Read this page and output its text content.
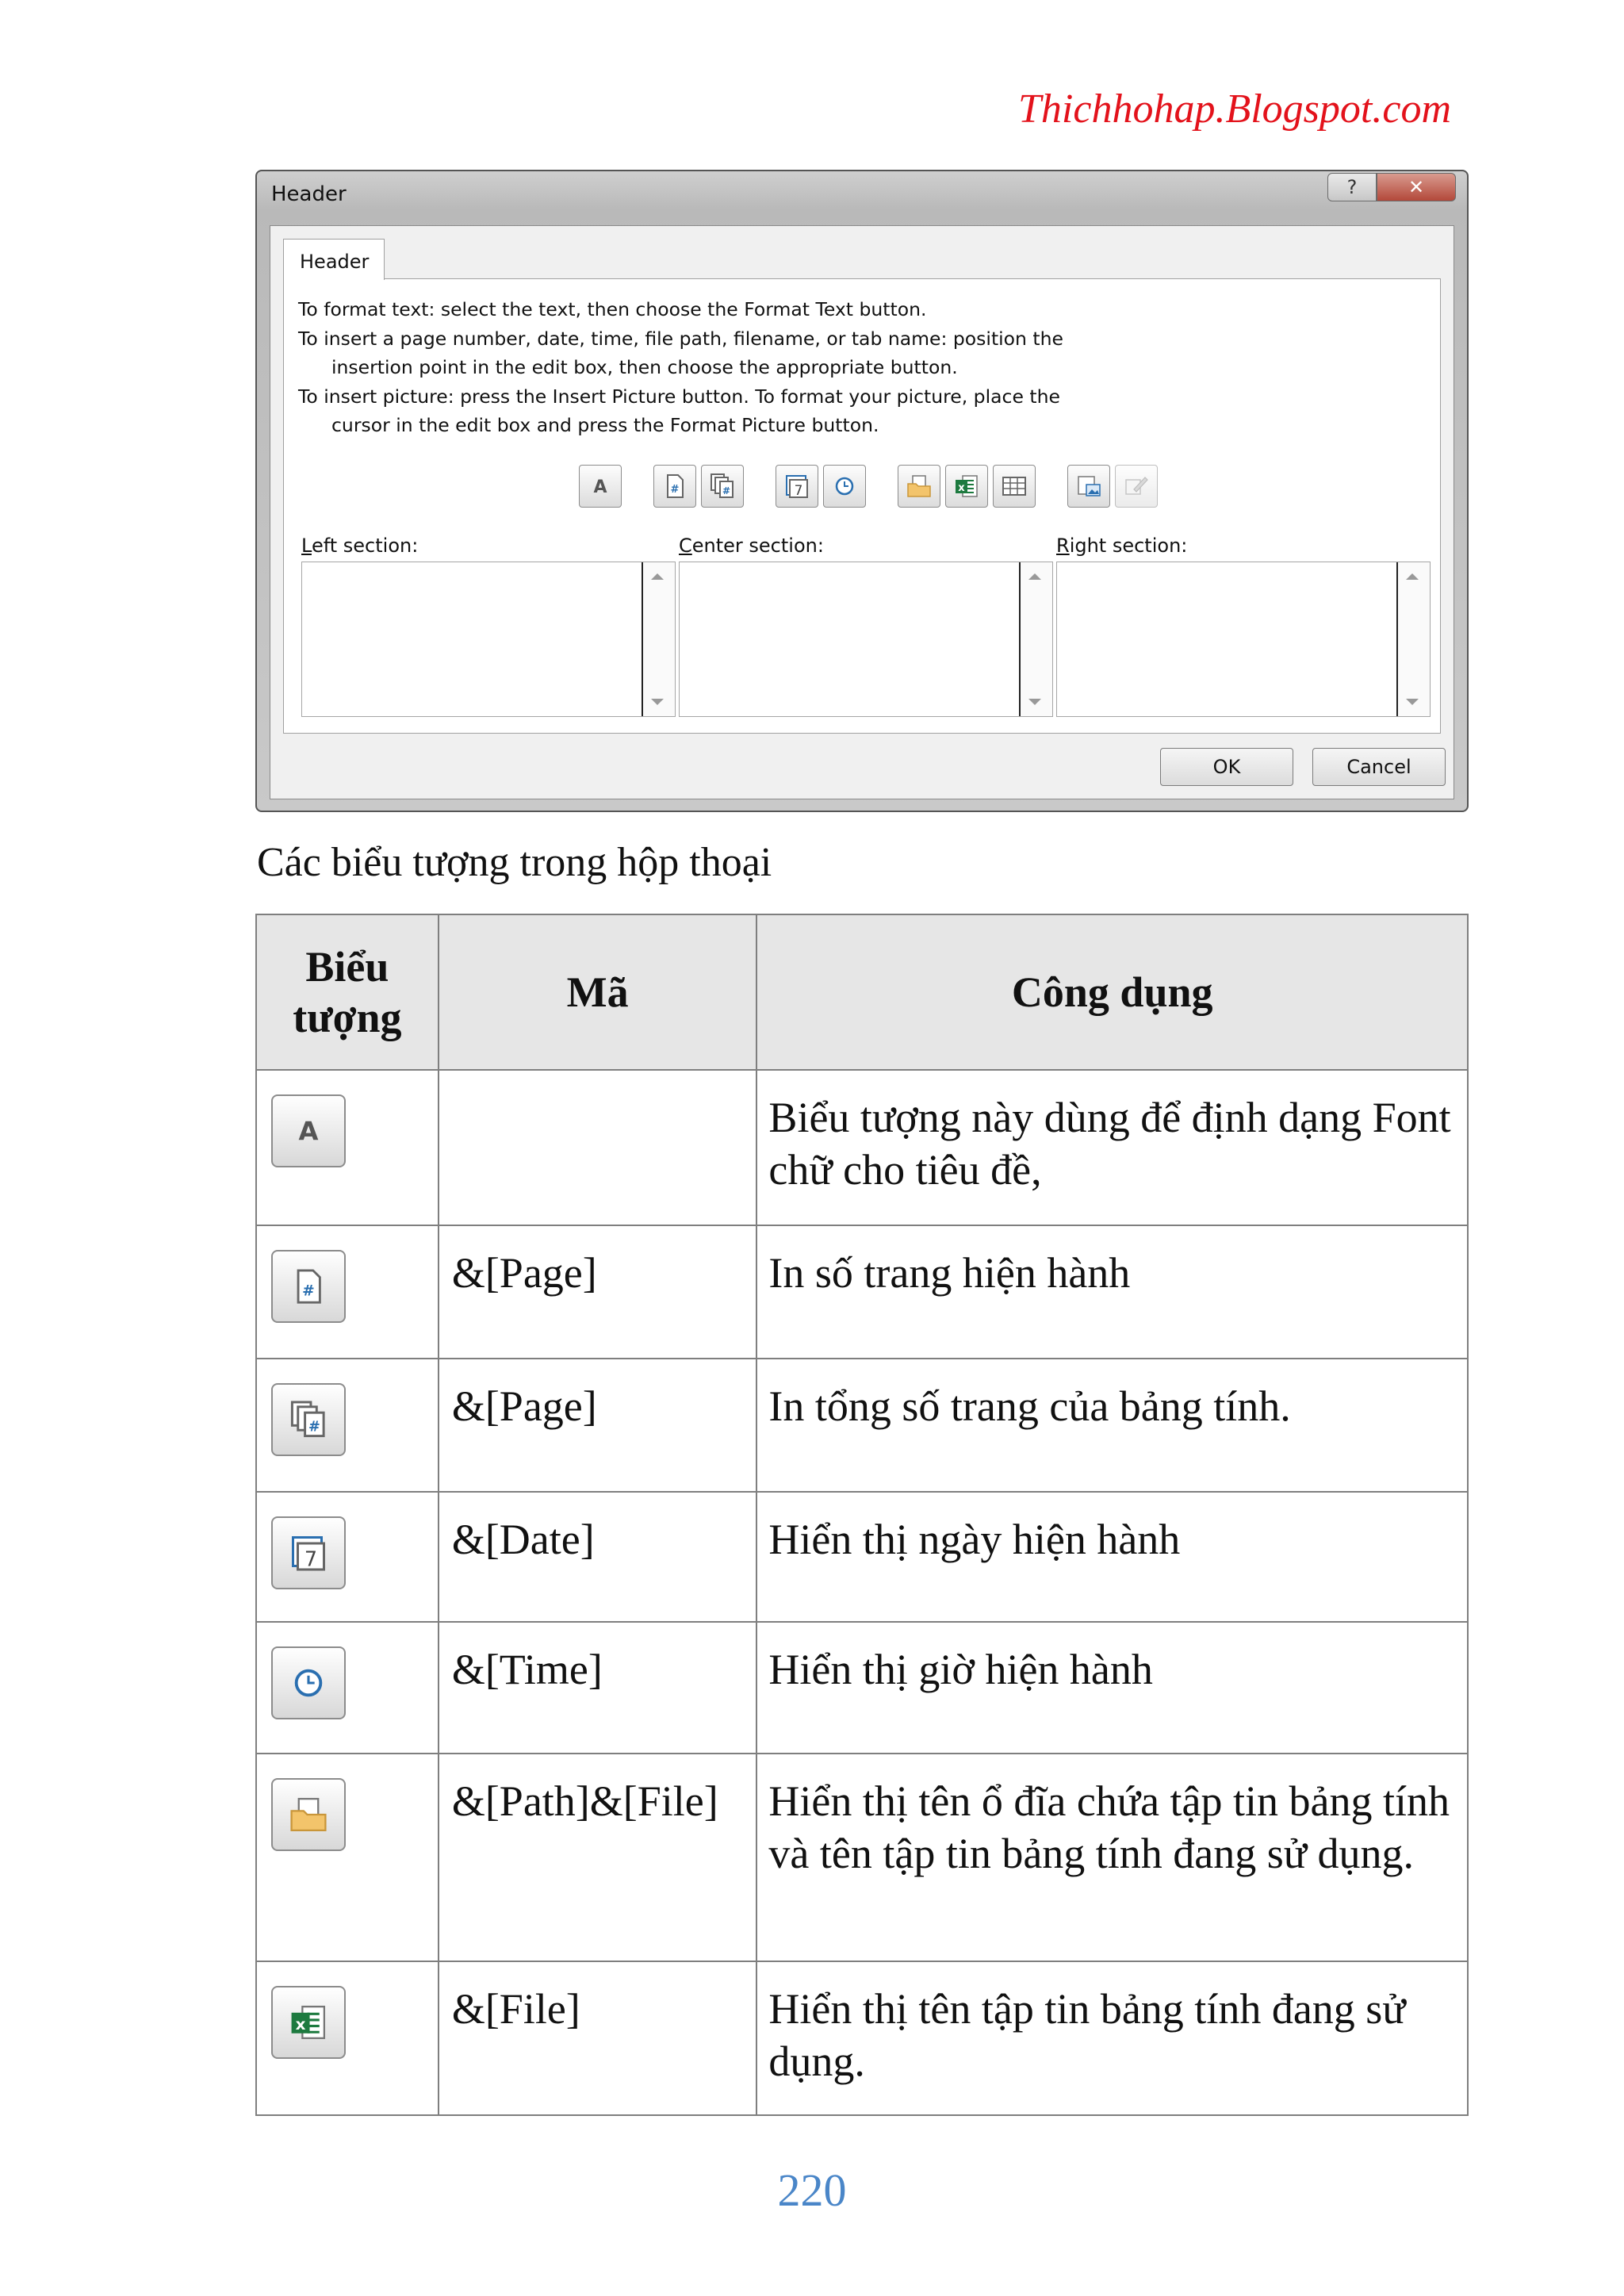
Thichhohap.Blogspot.com
Header	?	✕
Header
To format text: select the text, then choose the Format Text button.
To insert a page number, date, time, file path, filename, or tab name: position the
insertion point in the edit box, then choose the appropriate button.
To insert picture: press the Insert Picture button. To format your picture, place the
cursor in the edit box and press the Format Picture button.
A	#	#	7	x
Left section:	Center section:	Right section:
OK	Cancel
Các biểu tượng trong hộp thoại
Biểu
tượng	Mã	Công dụng

A		Biểu tượng này dùng để định dạng Font chữ cho tiêu đề,

#	&[Page]	In số trang hiện hành

#	&[Page]	In tổng số trang của bảng tính.

7	&[Date]	Hiển thị ngày hiện hành

	&[Time]	Hiển thị giờ hiện hành

	&[Path]&[File]	Hiển thị tên ổ đĩa chứa tập tin bảng tính và tên tập tin bảng tính đang sử dụng.

x	&[File]	Hiển thị tên tập tin bảng tính đang sử dụng.
220
